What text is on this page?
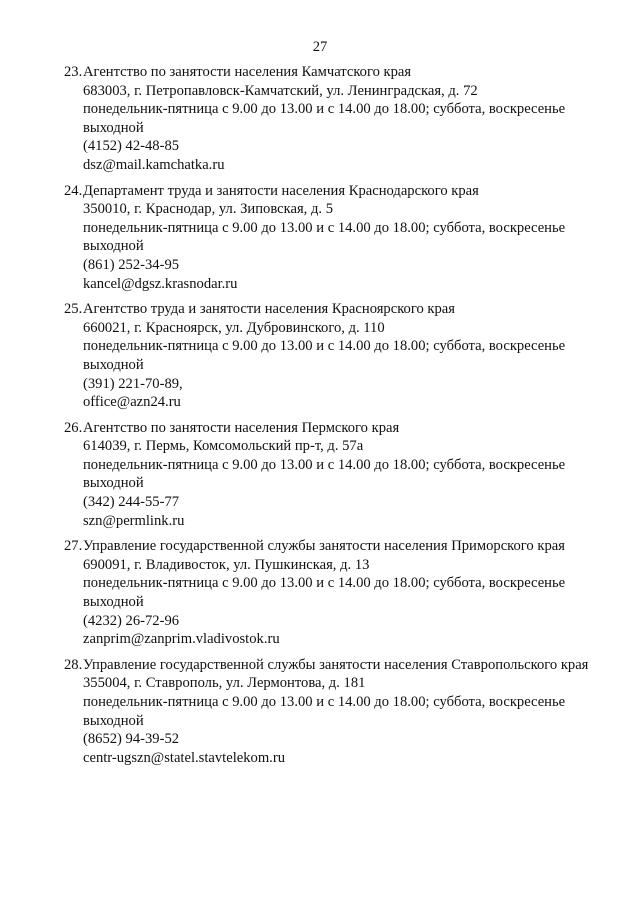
27
23. Агентство по занятости населения Камчатского края
683003, г. Петропавловск-Камчатский, ул. Ленинградская, д. 72
понедельник-пятница с 9.00 до 13.00 и с 14.00 до 18.00; суббота, воскресенье выходной
(4152) 42-48-85
dsz@mail.kamchatka.ru
24. Департамент труда и занятости населения Краснодарского края
350010, г. Краснодар, ул. Зиповская, д. 5
понедельник-пятница с 9.00 до 13.00 и с 14.00 до 18.00; суббота, воскресенье выходной
(861) 252-34-95
kancel@dgsz.krasnodar.ru
25. Агентство труда и занятости населения Красноярского края
660021, г. Красноярск, ул. Дубровинского, д. 110
понедельник-пятница с 9.00 до 13.00 и с 14.00 до 18.00; суббота, воскресенье выходной
(391) 221-70-89,
office@azn24.ru
26. Агентство по занятости населения Пермского края
614039, г. Пермь, Комсомольский пр-т, д. 57а
понедельник-пятница с 9.00 до 13.00 и с 14.00 до 18.00; суббота, воскресенье выходной
(342) 244-55-77
szn@permlink.ru
27. Управление государственной службы занятости населения Приморского края
690091, г. Владивосток, ул. Пушкинская, д. 13
понедельник-пятница с 9.00 до 13.00 и с 14.00 до 18.00; суббота, воскресенье выходной
(4232) 26-72-96
zanprim@zanprim.vladivostok.ru
28. Управление государственной службы занятости населения Ставропольского края
355004, г. Ставрополь, ул. Лермонтова, д. 181
понедельник-пятница с 9.00 до 13.00 и с 14.00 до 18.00; суббота, воскресенье выходной
(8652) 94-39-52
centr-ugszn@statel.stavtelekom.ru
